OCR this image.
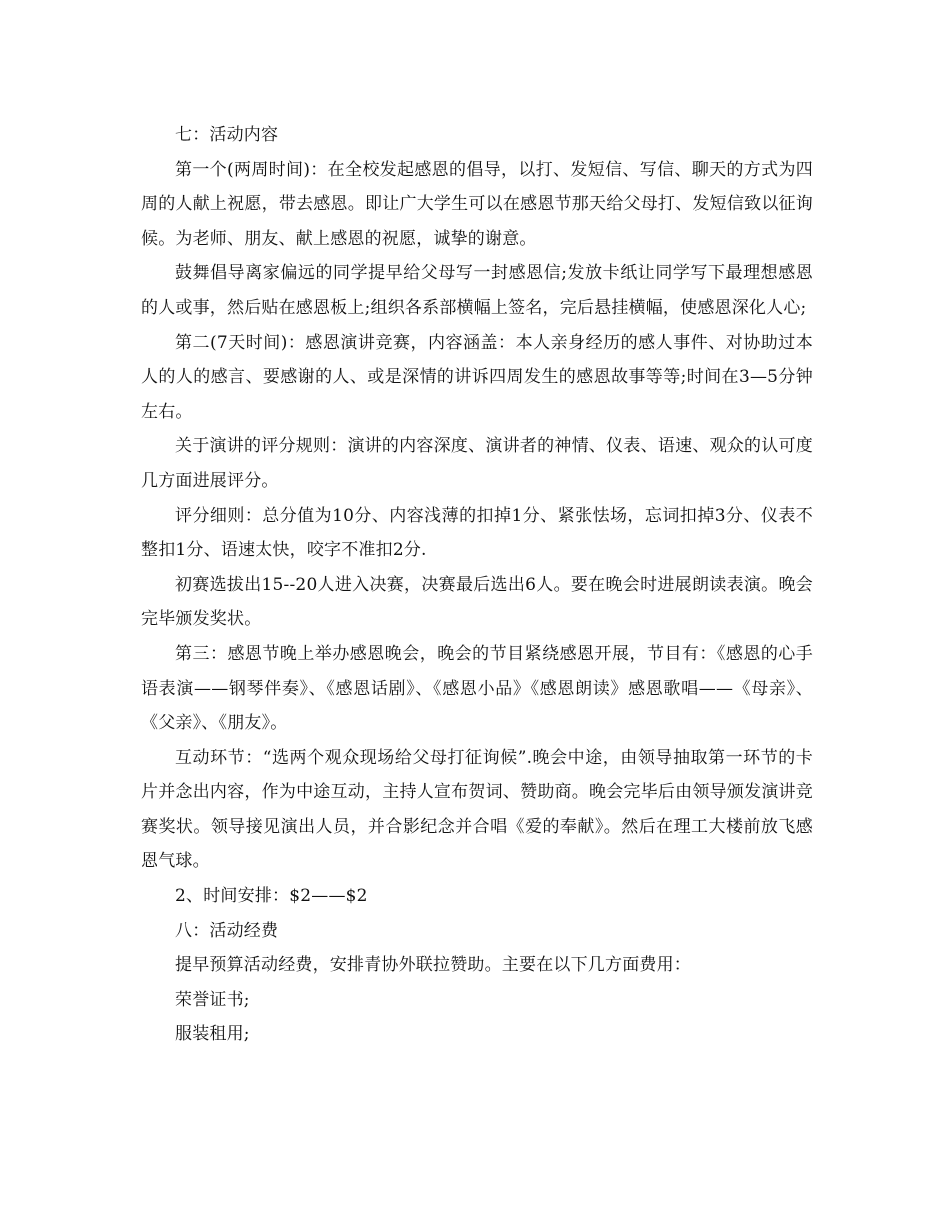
七：活动内容

第一个(两周时间)：在全校发起感恩的倡导，以打、发短信、写信、聊天的方式为四周的人献上祝愿，带去感恩。即让广大学生可以在感恩节那天给父母打、发短信致以征询候。为老师、朋友、献上感恩的祝愿，诚挚的谢意。

鼓舞倡导离家偏远的同学提早给父母写一封感恩信;发放卡纸让同学写下最理想感恩的人或事，然后贴在感恩板上;组织各系部横幅上签名，完后悬挂横幅，使感恩深化人心;

第二(7天时间)：感恩演讲竞赛，内容涵盖：本人亲身经历的感人事件、对协助过本人的人的感言、要感谢的人、或是深情的讲诉四周发生的感恩故事等等;时间在3—5分钟左右。

关于演讲的评分规则：演讲的内容深度、演讲者的神情、仪表、语速、观众的认可度几方面进展评分。

评分细则：总分值为10分、内容浅薄的扣掉1分、紧张怯场，忘词扣掉3分、仪表不整扣1分、语速太快，咬字不准扣2分.

初赛选拔出15--20人进入决赛，决赛最后选出6人。要在晚会时进展朗读表演。晚会完毕颁发奖状。

第三：感恩节晚上举办感恩晚会，晚会的节目紧绕感恩开展，节目有：《感恩的心手语表演——钢琴伴奏》、《感恩话剧》、《感恩小品》《感恩朗读》感恩歌唱——《母亲》、《父亲》、《朋友》。

互动环节：“选两个观众现场给父母打征询候”.晚会中途，由领导抽取第一环节的卡片并念出内容，作为中途互动，主持人宣布贺词、赞助商。晚会完毕后由领导颁发演讲竞赛奖状。领导接见演出人员，并合影纪念并合唱《爱的奉献》。然后在理工大楼前放飞感恩气球。

2、时间安排：$2——$2

八：活动经费

提早预算活动经费，安排青协外联拉赞助。主要在以下几方面费用：

荣誉证书;

服装租用;
